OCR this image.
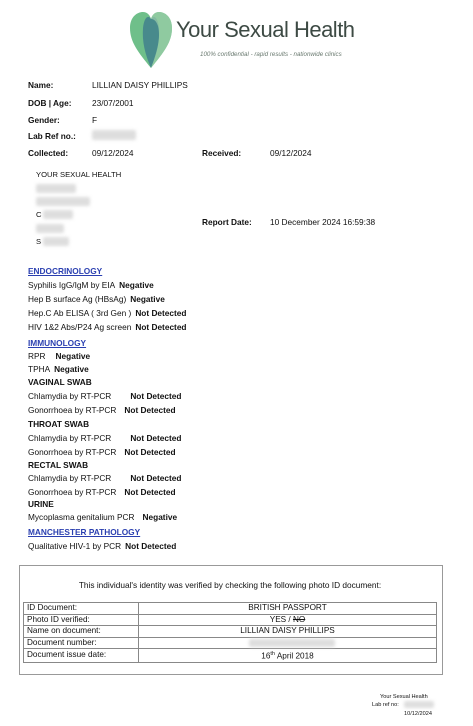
Your Sexual Health
100% confidential - rapid results - nationwide clinics
Name:	LILLIAN DAISY PHILLIPS
DOB | Age: 23/07/2001
Gender:	F
Lab Ref no.:
Collected:	09/12/2024	Received:	09/12/2024
YOUR SEXUAL HEALTH
C
S
Report Date: 10 December 2024 16:59:38
ENDOCRINOLOGY
Syphilis IgG/IgM by EIA Negative
Hep B surface Ag (HBsAg) Negative
Hep.C Ab ELISA ( 3rd Gen ) Not Detected
HIV 1&2 Abs/P24 Ag screen Not Detected
IMMUNOLOGY
RPR Negative
TPHA Negative
VAGINAL SWAB
Chlamydia by RT-PCR Not Detected
Gonorrhoea by RT-PCR Not Detected
THROAT SWAB
Chlamydia by RT-PCR Not Detected
Gonorrhoea by RT-PCR Not Detected
RECTAL SWAB
Chlamydia by RT-PCR Not Detected
Gonorrhoea by RT-PCR Not Detected
URINE
Mycoplasma genitalium PCR Negative
MANCHESTER PATHOLOGY
Qualitative HIV-1 by PCR Not Detected
This individual's identity was verified by checking the following photo ID document:
ID Document:	BRITISH PASSPORT
Photo ID verified:	YES / NO
Name on document:	LILLIAN DAISY PHILLIPS
Document number:	

Document issue date:	16th April 2018
Your Sexual Health
Lab ref no:
10/12/2024
